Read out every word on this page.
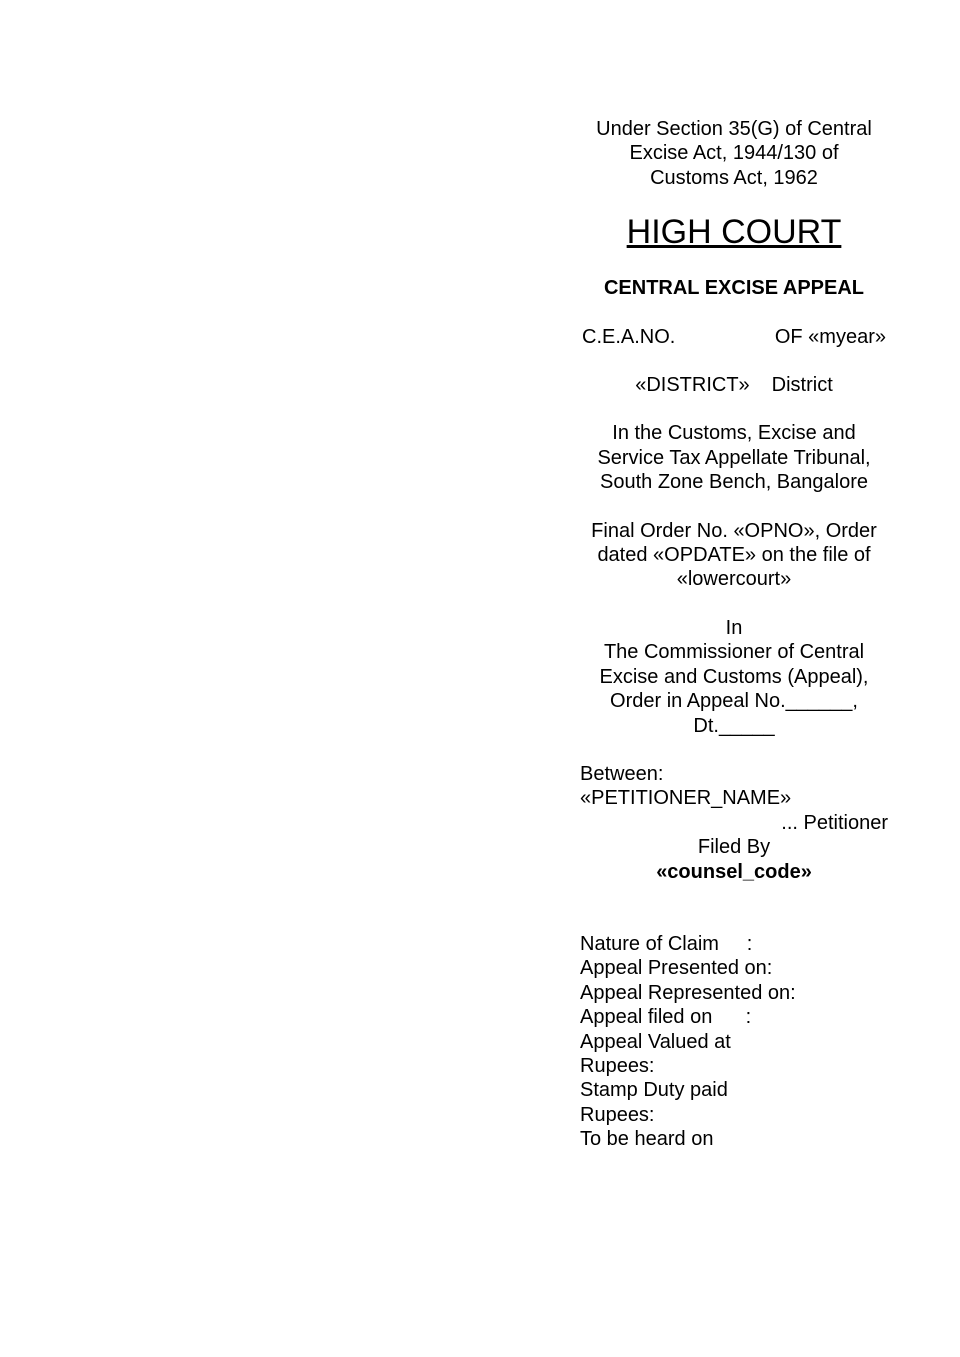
Under Section 35(G) of Central
Excise Act, 1944/130 of
Customs Act, 1962
HIGH COURT
CENTRAL EXCISE APPEAL
C.E.A.NO.	OF «myear»
«DISTRICT» District
In the Customs, Excise and
Service Tax Appellate Tribunal,
South Zone Bench, Bangalore
Final Order No. «OPNO», Order
dated «OPDATE» on the file of
«lowercourt»
In
The Commissioner of Central
Excise and Customs (Appeal),
Order in Appeal No.______,
Dt._____
Between:
«PETITIONER_NAME»
... Petitioner
Filed By
«counsel_code»
Nature of Claim     :
Appeal Presented on:
Appeal Represented on:
Appeal filed on      :
Appeal Valued at
Rupees:
Stamp Duty paid
Rupees:
To be heard on
